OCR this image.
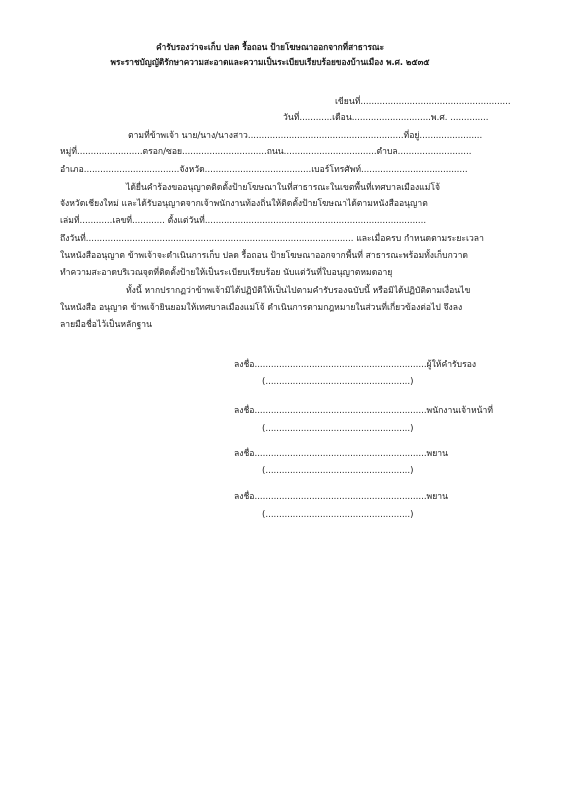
คำรับรองว่าจะเก็บ ปลด รื้อถอน ป้ายโฆษณาออกจากที่สาธารณะ
พระราชบัญญัติรักษาความสะอาดและความเป็นระเบียบเรียบร้อยของบ้านเมือง พ.ศ. ๒๕๓๕
เขียนที่.......................................................
วันที่............เดือน.............................พ.ศ. ..............
ตามที่ข้าพเจ้า นาย/นาง/นางสาว.........................................................ที่อยู่.......................
หมู่ที่........................ตรอก/ซอย...............................ถนน..................................ตำบล...........................
อำเภอ...................................จังหวัด.......................................เบอร์โทรศัพท์.......................................
ได้ยื่นคำร้องขออนุญาตติดตั้งป้ายโฆษณาในที่สาธารณะในเขตพื้นที่เทศบาลเมืองแม่โจ้
จังหวัดเชียงใหม่ และได้รับอนุญาตจากเจ้าพนักงานท้องถิ่นให้ติดตั้งป้ายโฆษณาได้ตามหนังสืออนุญาต
เล่มที่............เลขที่............ ตั้งแต่วันที่.................................................................................
ถึงวันที่.................................................................................................. และเมื่อครบ กำหนดตามระยะเวลา
ในหนังสืออนุญาต ข้าพเจ้าจะดำเนินการเก็บ ปลด รื้อถอน ป้ายโฆษณาออกจากพื้นที่ สาธารณะพร้อมทั้งเก็บกวาด
ทำความสะอาดบริเวณจุดที่ติดตั้งป้ายให้เป็นระเบียบเรียบร้อย นับแต่วันที่ใบอนุญาตหมดอายุ
ทั้งนี้ หากปรากฏว่าข้าพเจ้ามิได้ปฏิบัติให้เป็นไปตามคำรับรองฉบับนี้ หรือมิได้ปฏิบัติตามเงื่อนไข
ในหนังสือ อนุญาต ข้าพเจ้ายินยอมให้เทศบาลเมืองแม่โจ้ ดำเนินการตามกฎหมายในส่วนที่เกี่ยวข้องต่อไป จึงลง
ลายมือชื่อไว้เป็นหลักฐาน
ลงชื่อ...............................................................ผู้ให้คำรับรอง
(.....................................................)
ลงชื่อ...............................................................พนักงานเจ้าหน้าที่
(.....................................................)
ลงชื่อ...............................................................พยาน
(.....................................................)
ลงชื่อ...............................................................พยาน
(.....................................................)
